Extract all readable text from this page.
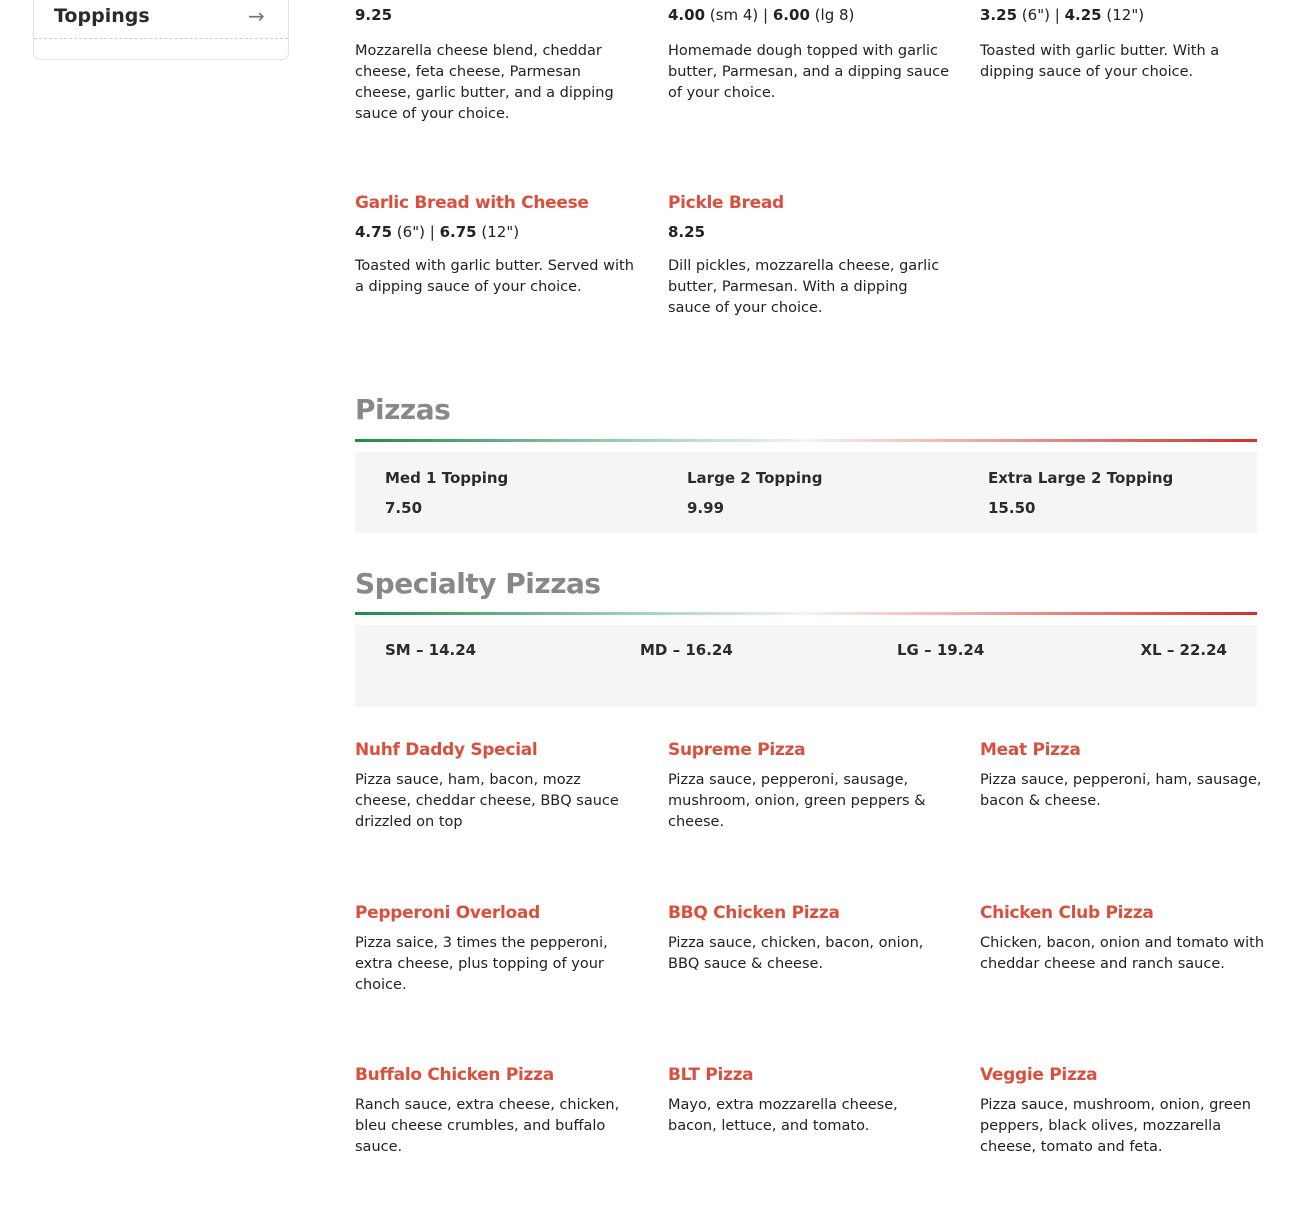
Toppings	→	9.25
Mozzarella cheese blend, cheddar cheese, feta cheese, Parmesan cheese, garlic butter, and a dipping sauce of your choice.
4.00 (sm 4) | 6.00 (lg 8)
Homemade dough topped with garlic butter, Parmesan, and a dipping sauce of your choice.
3.25 (6") | 4.25 (12")
Toasted with garlic butter. With a dipping sauce of your choice.
Garlic Bread with Cheese
4.75 (6") | 6.75 (12")
Toasted with garlic butter. Served with a dipping sauce of your choice.
Pickle Bread
8.25
Dill pickles, mozzarella cheese, garlic butter, Parmesan. With a dipping sauce of your choice.
Pizzas
Med 1 Topping
7.50
Large 2 Topping
9.99
Extra Large 2 Topping
15.50
Specialty Pizzas
SM – 14.24	MD – 16.24	LG – 19.24	XL – 22.24
Nuhf Daddy Special
Pizza sauce, ham, bacon, mozz cheese, cheddar cheese, BBQ sauce drizzled on top
Supreme Pizza
Pizza sauce, pepperoni, sausage, mushroom, onion, green peppers & cheese.
Meat Pizza
Pizza sauce, pepperoni, ham, sausage, bacon & cheese.
Pepperoni Overload
Pizza saice, 3 times the pepperoni, extra cheese, plus topping of your choice.
BBQ Chicken Pizza
Pizza sauce, chicken, bacon, onion, BBQ sauce & cheese.
Chicken Club Pizza
Chicken, bacon, onion and tomato with cheddar cheese and ranch sauce.
Buffalo Chicken Pizza
Ranch sauce, extra cheese, chicken, bleu cheese crumbles, and buffalo sauce.
BLT Pizza
Mayo, extra mozzarella cheese, bacon, lettuce, and tomato.
Veggie Pizza
Pizza sauce, mushroom, onion, green peppers, black olives, mozzarella cheese, tomato and feta.
